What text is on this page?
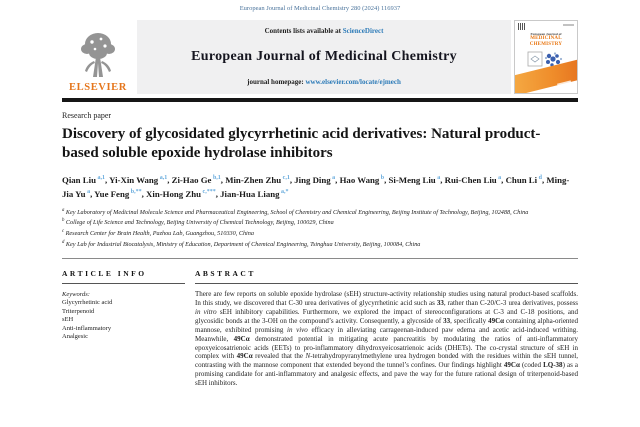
European Journal of Medicinal Chemistry 280 (2024) 116937
ELSEVIER
Contents lists available at ScienceDirect
European Journal of Medicinal Chemistry
journal homepage: www.elsevier.com/locate/ejmech
European Journal of
MEDICINAL
CHEMISTRY
Research paper
Discovery of glycosidated glycyrrhetinic acid derivatives: Natural product-based soluble epoxide hydrolase inhibitors
Qian Liu $^{a,1}$, Yi-Xin Wang $^{a,1}$, Zi-Hao Ge $^{b,1}$, Min-Zhen Zhu $^{c,1}$, Jing Ding $^a$, Hao Wang $^b$, Si-Meng Liu $^a$, Rui-Chen Liu $^a$, Chun Li $^d$, Ming-Jia Yu $^a$, Yue Feng $^{b,**}$, Xin-Hong Zhu $^{c,***}$, Jian-Hua Liang $^{a,*}$
$^a$ Key Laboratory of Medicinal Molecule Science and Pharmaceutical Engineering, School of Chemistry and Chemical Engineering, Beijing Institute of Technology, Beijing, 102488, China
$^b$ College of Life Science and Technology, Beijing University of Chemical Technology, Beijing, 100029, China
$^c$ Research Center for Brain Health, Pazhou Lab, Guangzhou, 510330, China
$^d$ Key Lab for Industrial Biocatalysis, Ministry of Education, Department of Chemical Engineering, Tsinghua University, Beijing, 100084, China
ARTICLE INFO
Keywords:
Glycyrrhetinic acid
Triterpenoid
sEH
Anti-inflammatory
Analgesic
ABSTRACT
There are few reports on soluble epoxide hydrolase (sEH) structure-activity relationship studies using natural product-based scaffolds. In this study, we discovered that C-30 urea derivatives of glycyrrhetinic acid such as 33, rather than C-20/C-3 urea derivatives, possess in vitro sEH inhibitory capabilities. Furthermore, we explored the impact of stereoconfigurations at C-3 and C-18 positions, and glycosidic bonds at the 3-OH on the compound’s activity. Consequently, a glycoside of 33, specifically 49Cα containing alpha-oriented mannose, exhibited promising in vivo efficacy in alleviating carrageenan-induced paw edema and acetic acid-induced writhing. Meanwhile, 49Cα demonstrated potential in mitigating acute pancreatitis by modulating the ratios of anti-inflammatory epoxyeicosatrienoic acids (EETs) to pro-inflammatory dihydroxyeicosatrienoic acids (DHETs). The co-crystal structure of sEH in complex with 49Cα revealed that the N-tetrahydropyranylmethylene urea hydrogen bonded with the residues within the sEH tunnel, contrasting with the mannose component that extended beyond the tunnel’s confines. Our findings highlight 49Cα (coded LQ-38) as a promising candidate for anti-inflammatory and analgesic effects, and pave the way for the future rational design of triterpenoid-based sEH inhibitors.
